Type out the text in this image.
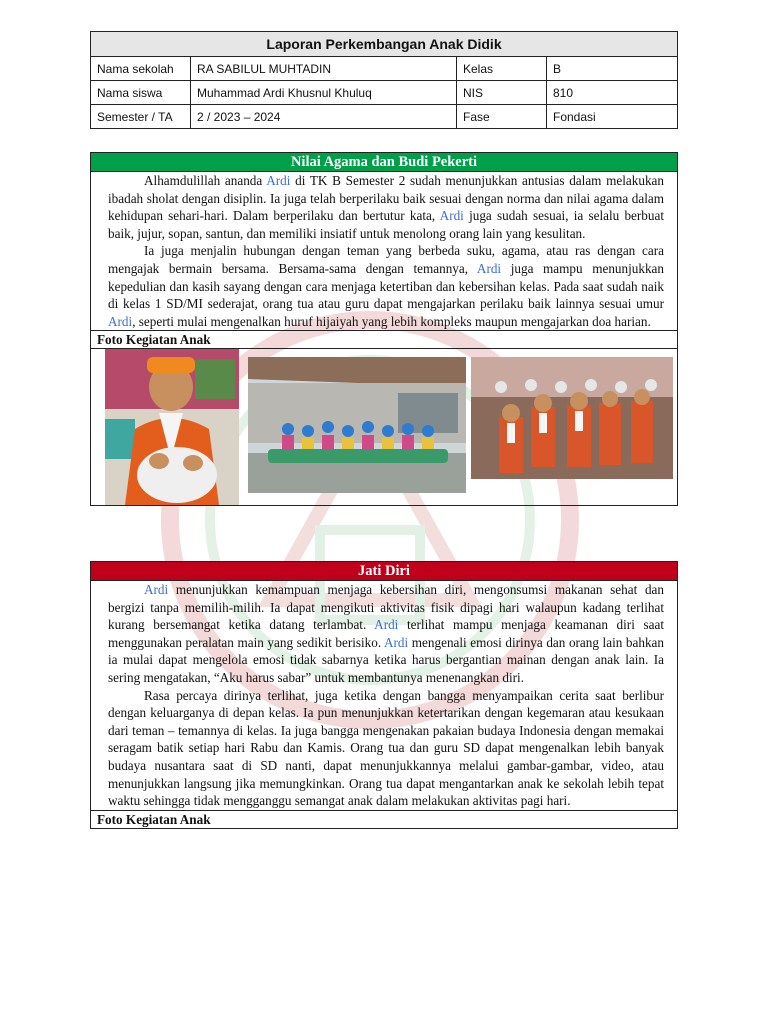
Laporan Perkembangan Anak Didik			
Nama sekolah	RA SABILUL MUHTADIN	Kelas	B
Nama siswa	Muhammad Ardi Khusnul Khuluq	NIS	810
Semester / TA	2 / 2023 – 2024	Fase	Fondasi
Nilai Agama dan Budi Pekerti

Alhamdulillah ananda Ardi di TK B Semester 2 sudah menunjukkan antusias dalam melakukan ibadah sholat dengan disiplin. Ia juga telah berperilaku baik sesuai dengan norma dan nilai agama dalam kehidupan sehari-hari. Dalam berperilaku dan bertutur kata, Ardi juga sudah sesuai, ia selalu berbuat baik, jujur, sopan, santun, dan memiliki insiatif untuk menolong orang lain yang kesulitan.

Ia juga menjalin hubungan dengan teman yang berbeda suku, agama, atau ras dengan cara mengajak bermain bersama. Bersama-sama dengan temannya, Ardi juga mampu menunjukkan kepedulian dan kasih sayang dengan cara menjaga ketertiban dan kebersihan kelas. Pada saat sudah naik di kelas 1 SD/MI sederajat, orang tua atau guru dapat mengajarkan perilaku baik lainnya sesuai umur Ardi, seperti mulai mengenalkan huruf hijaiyah yang lebih kompleks maupun mengajarkan doa harian.

Foto Kegiatan Anak
Jati Diri

Ardi menunjukkan kemampuan menjaga kebersihan diri, mengonsumsi makanan sehat dan bergizi tanpa memilih-milih. Ia dapat mengikuti aktivitas fisik dipagi hari walaupun kadang terlihat kurang bersemangat ketika datang terlambat. Ardi terlihat mampu menjaga keamanan diri saat menggunakan peralatan main yang sedikit berisiko. Ardi mengenali emosi dirinya dan orang lain bahkan ia mulai dapat mengelola emosi tidak sabarnya ketika harus bergantian mainan dengan anak lain. Ia sering mengatakan, “Aku harus sabar” untuk membantunya menenangkan diri.

Rasa percaya dirinya terlihat, juga ketika dengan bangga menyampaikan cerita saat berlibur dengan keluarganya di depan kelas. Ia pun menunjukkan ketertarikan dengan kegemaran atau kesukaan dari teman – temannya di kelas. Ia juga bangga mengenakan pakaian budaya Indonesia dengan memakai seragam batik setiap hari Rabu dan Kamis. Orang tua dan guru SD dapat mengenalkan lebih banyak budaya nusantara saat di SD nanti, dapat menunjukkannya melalui gambar-gambar, video, atau menunjukkan langsung jika memungkinkan. Orang tua dapat mengantarkan anak ke sekolah lebih tepat waktu sehingga tidak mengganggu semangat anak dalam melakukan aktivitas pagi hari.

Foto Kegiatan Anak
